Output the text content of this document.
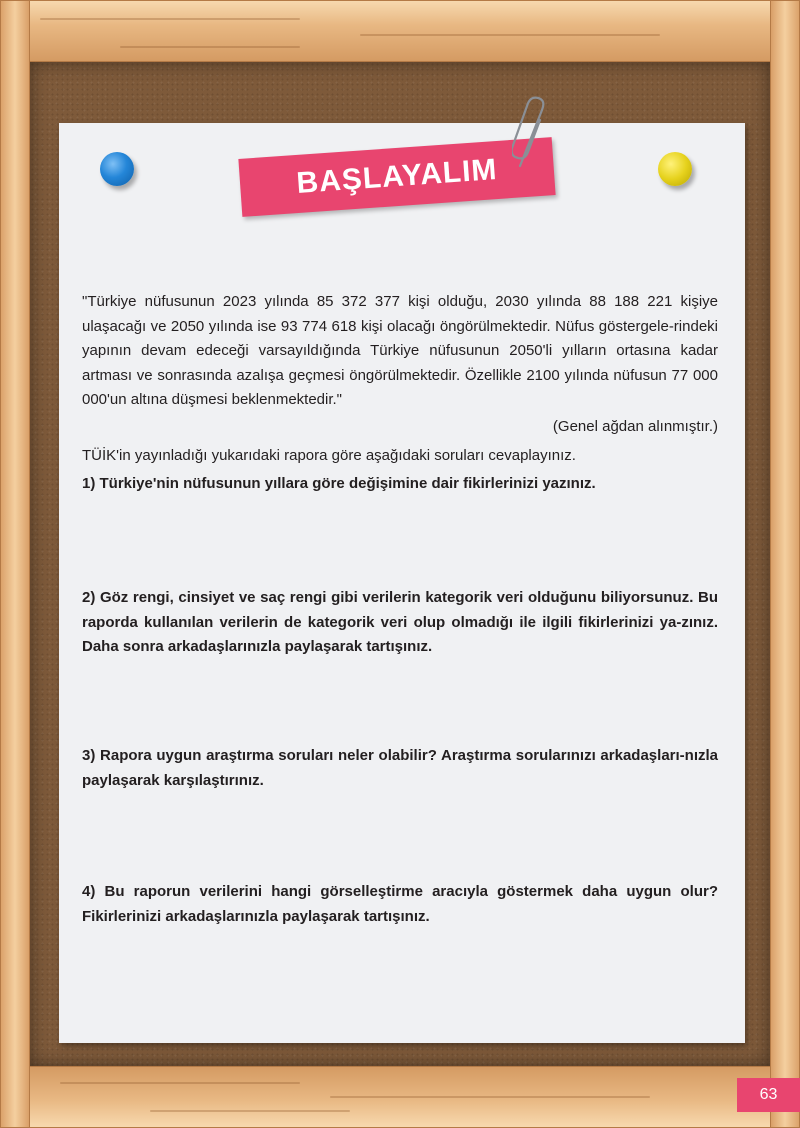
BAŞLAYALIM
"Türkiye nüfusunun 2023 yılında 85 372 377 kişi olduğu, 2030 yılında 88 188 221 kişiye ulaşacağı ve 2050 yılında ise 93 774 618 kişi olacağı öngörülmektedir. Nüfus göstergele-rindeki yapının devam edeceği varsayıldığında Türkiye nüfusunun 2050'li yılların ortasına kadar artması ve sonrasında azalışa geçmesi öngörülmektedir. Özellikle 2100 yılında nüfusun 77 000 000'un altına düşmesi beklenmektedir."
(Genel ağdan alınmıştır.)
TÜİK'in yayınladığı yukarıdaki rapora göre aşağıdaki soruları cevaplayınız.
1) Türkiye'nin nüfusunun yıllara göre değişimine dair fikirlerinizi yazınız.
2) Göz rengi, cinsiyet ve saç rengi gibi verilerin kategorik veri olduğunu biliyorsunuz. Bu raporda kullanılan verilerin de kategorik veri olup olmadığı ile ilgili fikirlerinizi ya-zınız. Daha sonra arkadaşlarınızla paylaşarak tartışınız.
3) Rapora uygun araştırma soruları neler olabilir? Araştırma sorularınızı arkadaşları-nızla paylaşarak karşılaştırınız.
4) Bu raporun verilerini hangi görselleştirme aracıyla göstermek daha uygun olur? Fikirlerinizi arkadaşlarınızla paylaşarak tartışınız.
63
